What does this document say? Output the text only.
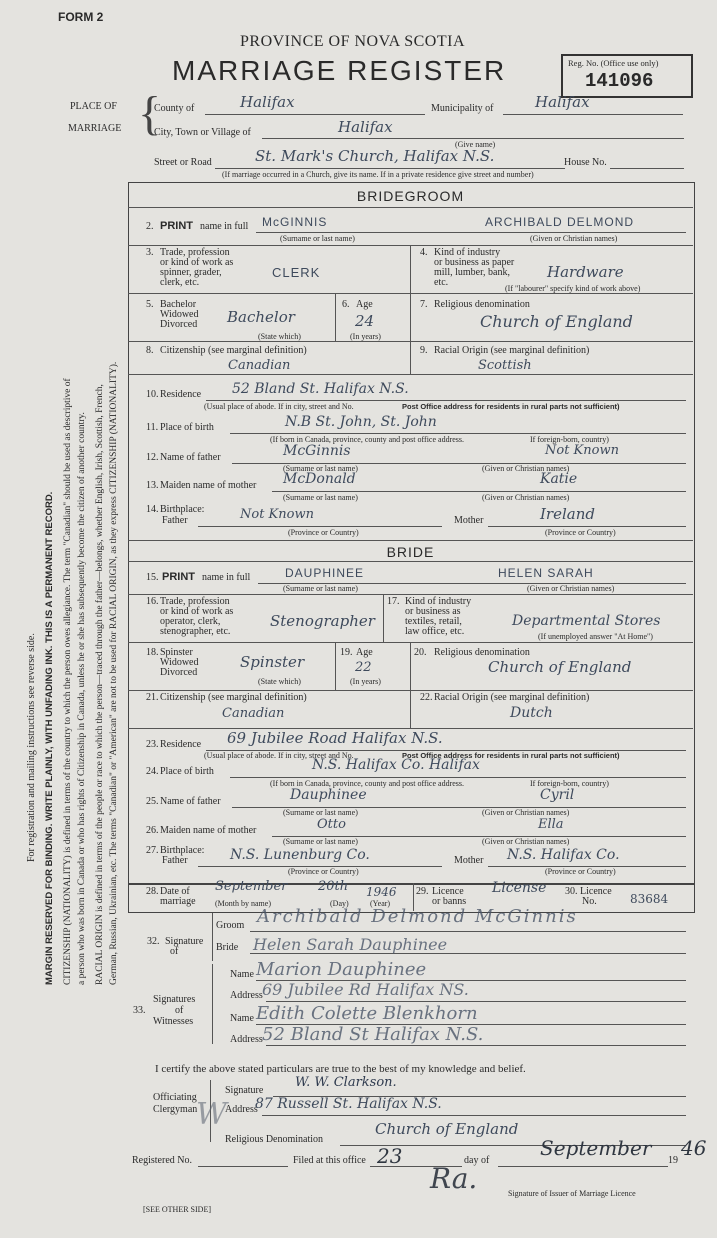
For registration and mailing instructions see reverse side. MARGIN RESERVED FOR BINDING. WRITE PLAINLY, WITH UNFADING INK. THIS IS A PERMANENT RECORD. CITIZENSHIP (NATIONALITY) is defined in terms of the country to which the person owes allegiance. The term "Canadian" should be used as descriptive of a person who was born in Canada or who has rights of Citizenship in Canada, unless he or she has subsequently become the citizen of another country. RACIAL ORIGIN is defined in terms of the people or race to which the person—traced through the father—belongs, whether English, Irish, Scottish, French, German, Russian, Ukrainian, etc. The terms "Canadian" or "American" are not to be used for RACIAL ORIGIN, as they express CITIZENSHIP (NATIONALITY).
FORM 2
PROVINCE OF NOVA SCOTIA
MARRIAGE REGISTER	Reg. No. (Office use only)
141096
PLACE OF
MARRIAGE {
County of	Halifax	Municipality of	Halifax
City, Town or Village of	Halifax
(Give name)
Street or Road	St. Mark's Church, Halifax N.S.	House No.
(If marriage occurred in a Church, give its name. If in a private residence give street and number)
BRIDEGROOM
2. PRINT name in full McGINNIS	ARCHIBALD DELMOND
(Surname or last name)	(Given or Christian names)
3. Trade, profession
or kind of work as
spinner, grader,
clerk, etc.
CLERK
4. Kind of industry
or business as paper
mill, lumber, bank,
etc.
Hardware
(If "labourer" specify kind of work above)
5. Bachelor
Widowed
Divorced Bachelor
(State which)
6. Age
24
(In years)
7. Religious denomination
Church of England
8. Citizenship (see marginal definition)
Canadian
9. Racial Origin (see marginal definition)
Scottish
10. Residence 52 Bland St. Halifax N.S.
(Usual place of abode. If in city, street and No.	Post Office address for residents in rural parts not sufficient)
11. Place of birth	N.B St. John, St. John
(If born in Canada, province, county and post office address.	If foreign-born, country)
12. Name of father	McGinnis	Not Known
(Surname or last name)	(Given or Christian names)
13. Maiden name of mother McDonald	Katie
(Surname or last name)	(Given or Christian names)
14. Birthplace:
Father	Not Known	Mother	Ireland
(Province or Country)	(Province or Country)
BRIDE
15. PRINT name in full	DAUPHINEE	HELEN SARAH
(Surname or last name)	(Given or Christian names)
16. Trade, profession
or kind of work as
operator, clerk,
stenographer, etc.
Stenographer
17. Kind of industry
or business as
textiles, retail,
law office, etc.
Departmental Stores
(If unemployed answer "At Home")
18. Spinster
Widowed
Divorced
Spinster
(State which)
19. Age
22
(In years)
20. Religious denomination
Church of England
21. Citizenship (see marginal definition)
Canadian
22. Racial Origin (see marginal definition)
Dutch
23. Residence 69 Jubilee Road Halifax N.S.
(Usual place of abode. If in city, street and No.	Post Office address for residents in rural parts not sufficient)
24. Place of birth	N.S. Halifax Co. Halifax
(If born in Canada, province, county and post office address.	If foreign-born, country)
25. Name of father	Dauphinee	Cyril
(Surname or last name)	(Given or Christian names)
26. Maiden name of mother	Otto	Ella
(Surname or last name)	(Given or Christian names)
27. Birthplace:
Father	N.S. Lunenburg Co.	Mother N.S. Halifax Co.
(Province or Country)	(Province or Country)
28. Date of
marriage
September 20th 1946
(Month by name)	(Day)	(Year)
29. Licence
or banns
License 30. Licence
No.	83684
32. Signature
of
Groom Archibald Delmond McGinnis
Bride Helen Sarah Dauphinee
33.
Signatures
of
Witnesses
Name Marion Dauphinee
Address 69 Jubilee Rd Halifax NS.
Name Edith Colette Blenkhorn
Address 52 Bland St Halifax N.S.
I certify the above stated particulars are true to the best of my knowledge and belief.
Officiating
Clergyman
Signature
W. W. Clarkson.
Address
87 Russell St. Halifax N.S.
Religious Denomination
Church of England
W
Registered No.	Filed at this office 23	day of
September
19
46
Ra.	Signature of Issuer of Marriage Licence
[SEE OTHER SIDE]
